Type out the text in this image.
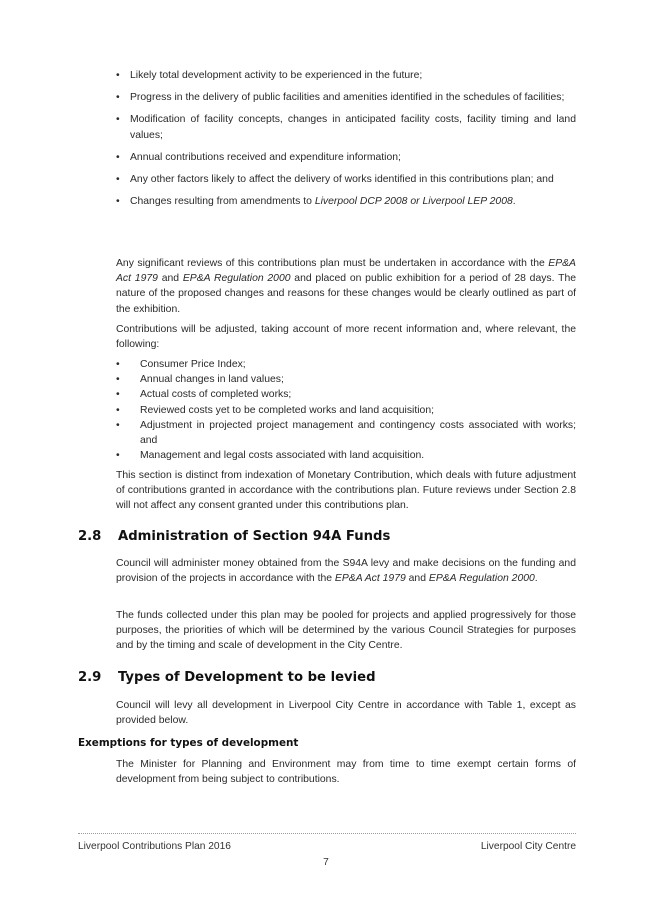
• Likely total development activity to be experienced in the future;
• Progress in the delivery of public facilities and amenities identified in the schedules of facilities;
• Modification of facility concepts, changes in anticipated facility costs, facility timing and land values;
• Annual contributions received and expenditure information;
• Any other factors likely to affect the delivery of works identified in this contributions plan; and
• Changes resulting from amendments to Liverpool DCP 2008 or Liverpool LEP 2008.

Any significant reviews of this contributions plan must be undertaken in accordance with the EP&A Act 1979 and EP&A Regulation 2000 and placed on public exhibition for a period of 28 days. The nature of the proposed changes and reasons for these changes would be clearly outlined as part of the exhibition.

Contributions will be adjusted, taking account of more recent information and, where relevant, the following:

• Consumer Price Index;
• Annual changes in land values;
• Actual costs of completed works;
• Reviewed costs yet to be completed works and land acquisition;
• Adjustment in projected project management and contingency costs associated with works; and
• Management and legal costs associated with land acquisition.

This section is distinct from indexation of Monetary Contribution, which deals with future adjustment of contributions granted in accordance with the contributions plan. Future reviews under Section 2.8 will not affect any consent granted under this contributions plan.

2.8 Administration of Section 94A Funds

Council will administer money obtained from the S94A levy and make decisions on the funding and provision of the projects in accordance with the EP&A Act 1979 and EP&A Regulation 2000.

The funds collected under this plan may be pooled for projects and applied progressively for those purposes, the priorities of which will be determined by the various Council Strategies for purposes and by the timing and scale of development in the City Centre.

2.9 Types of Development to be levied

Council will levy all development in Liverpool City Centre in accordance with Table 1, except as provided below.

Exemptions for types of development

The Minister for Planning and Environment may from time to time exempt certain forms of development from being subject to contributions.

Liverpool Contributions Plan 2016	Liverpool City Centre
7
